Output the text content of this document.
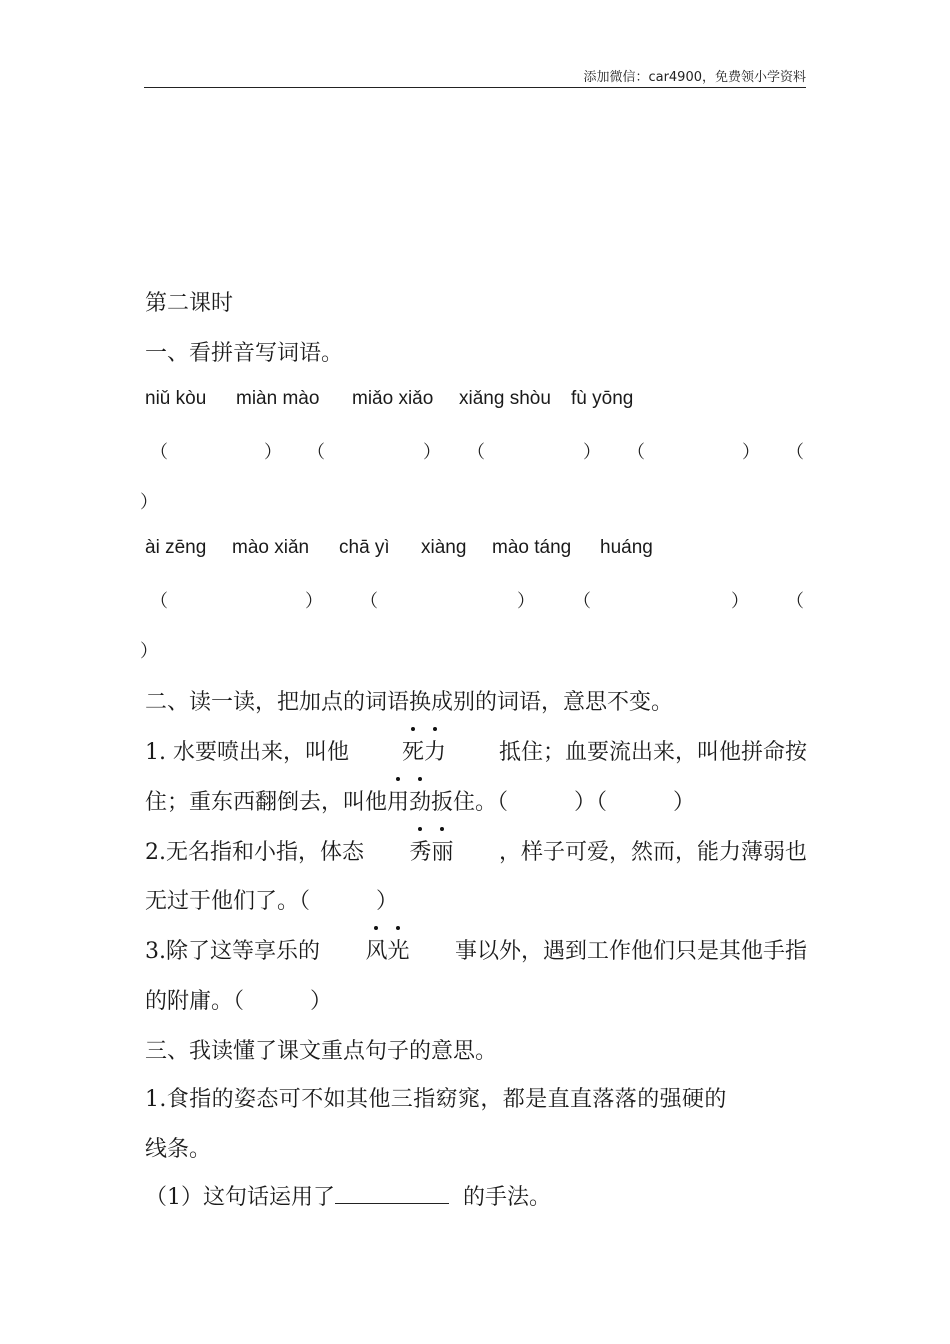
添加微信：car4900，免费领小学资料
第二课时
一、看拼音写词语。
niǔ kòu miàn mào miǎo xiǎo xiǎng shòu fù yōng
（	） （	） （	） （	） （
）
ài zēng mào xiǎn chā yì xiàng mào táng huáng
（	） （	） （	） （
）
二、读一读，把加点的词语换成别的词语，意思不变。
1. 水要喷出来，叫他 死 力 抵住；血要流出来，叫他拼命按
住；重东西翻倒去，叫他用劲扳住。（　　　）（　　　）
2.无名指和小指，体态 秀 丽 ，样子可爱，然而，能力薄弱也
无过于他们了。（　　　）
3.除了这等享乐的 风 光 事以外，遇到工作他们只是其他手指
的附庸。（　　　）
三、我读懂了课文重点句子的意思。
1.食指的姿态可不如其他三指窈窕，都是直直落落的强硬的
线条。
（1）这句话运用了	的手法。
